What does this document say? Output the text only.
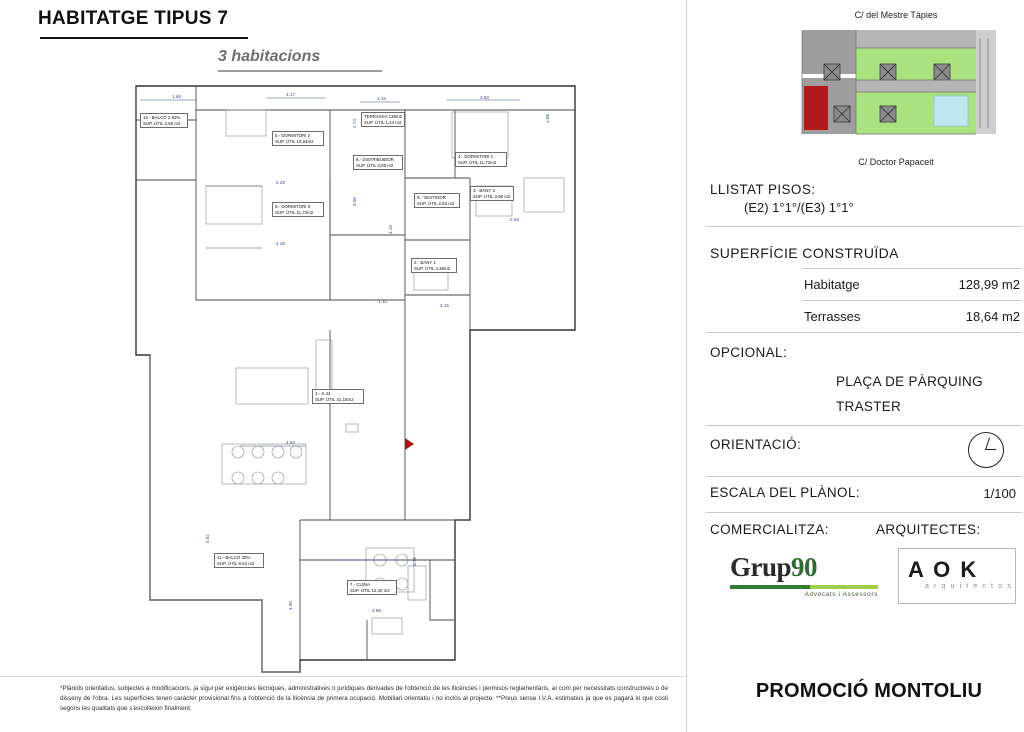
HABITATGE TIPUS 7
3 habitacions
12.- BALCÓ 2 92%
SUP. ÚTIL 3,95 m2
5.- DORMITORI 2
SUP. ÚTIL 10,64m2
TERRASSA 128m2
SUP. ÚTIL 1,24 m2
8.- DISTRIBUIDOR
SUP. ÚTIL 3,95 m2
4.- DORMITORI 1
SUP. ÚTIL 11,72m2
6.- DORMITORI 3
SUP. ÚTIL 11,72m2
9.- VESTIDOR
SUP. ÚTIL 2,63 m2
3.- BANY 2
SUP. ÚTIL 3,96 m2
2.- BANY 1
SUP. ÚTIL 4,36m2
1.- S.44
SUP. ÚTIL 41,15m2
11.- BALCÓ 30%
SUP. ÚTIL 9,52 m2
7.- CUINA
SUP. ÚTIL 12,40 m2
1.48	4.17
1.15	4.93
2.74
2.68
4.29
3.00
4.15
2.53
4.29
1.15
2.15
4.63
4.52
3.76
4.90
3.85
*Plànols orientatius, subjectes a modificacions, ja sigui per exigències tècniques, administratives o jurídiques derivades de l'obtenció de les llicències i permisos reglamentaris, aí com per necessitats constructives o de disseny de l'obra. Les superfícies tenen caràcter provisional fins a l'obtenció de la llicència de primera ocupació. Mobiliari orientatiu i no inclòs al projecte. **Preus sense I.V.A. estimatius ja que es pagarà lo que costi segons les qualitats que s'escolleixin finalment.
C/ del Mestre Tàpies
C/ Doctor Papaceit
LLISTAT PISOS:
(E2) 1°1°/(E3) 1°1°
SUPERFÍCIE CONSTRUÏDA
Habitatge	128,99 m2
Terrasses	18,64 m2
OPCIONAL:
PLAÇA DE PÀRQUING
TRASTER
ORIENTACIÓ:
ESCALA DEL PLÀNOL:	1/100
COMERCIALITZA:	ARQUITECTES:
Grup90
Advocats i Assessors
A O K
a r q u i t e c t o s
PROMOCIÓ MONTOLIU
